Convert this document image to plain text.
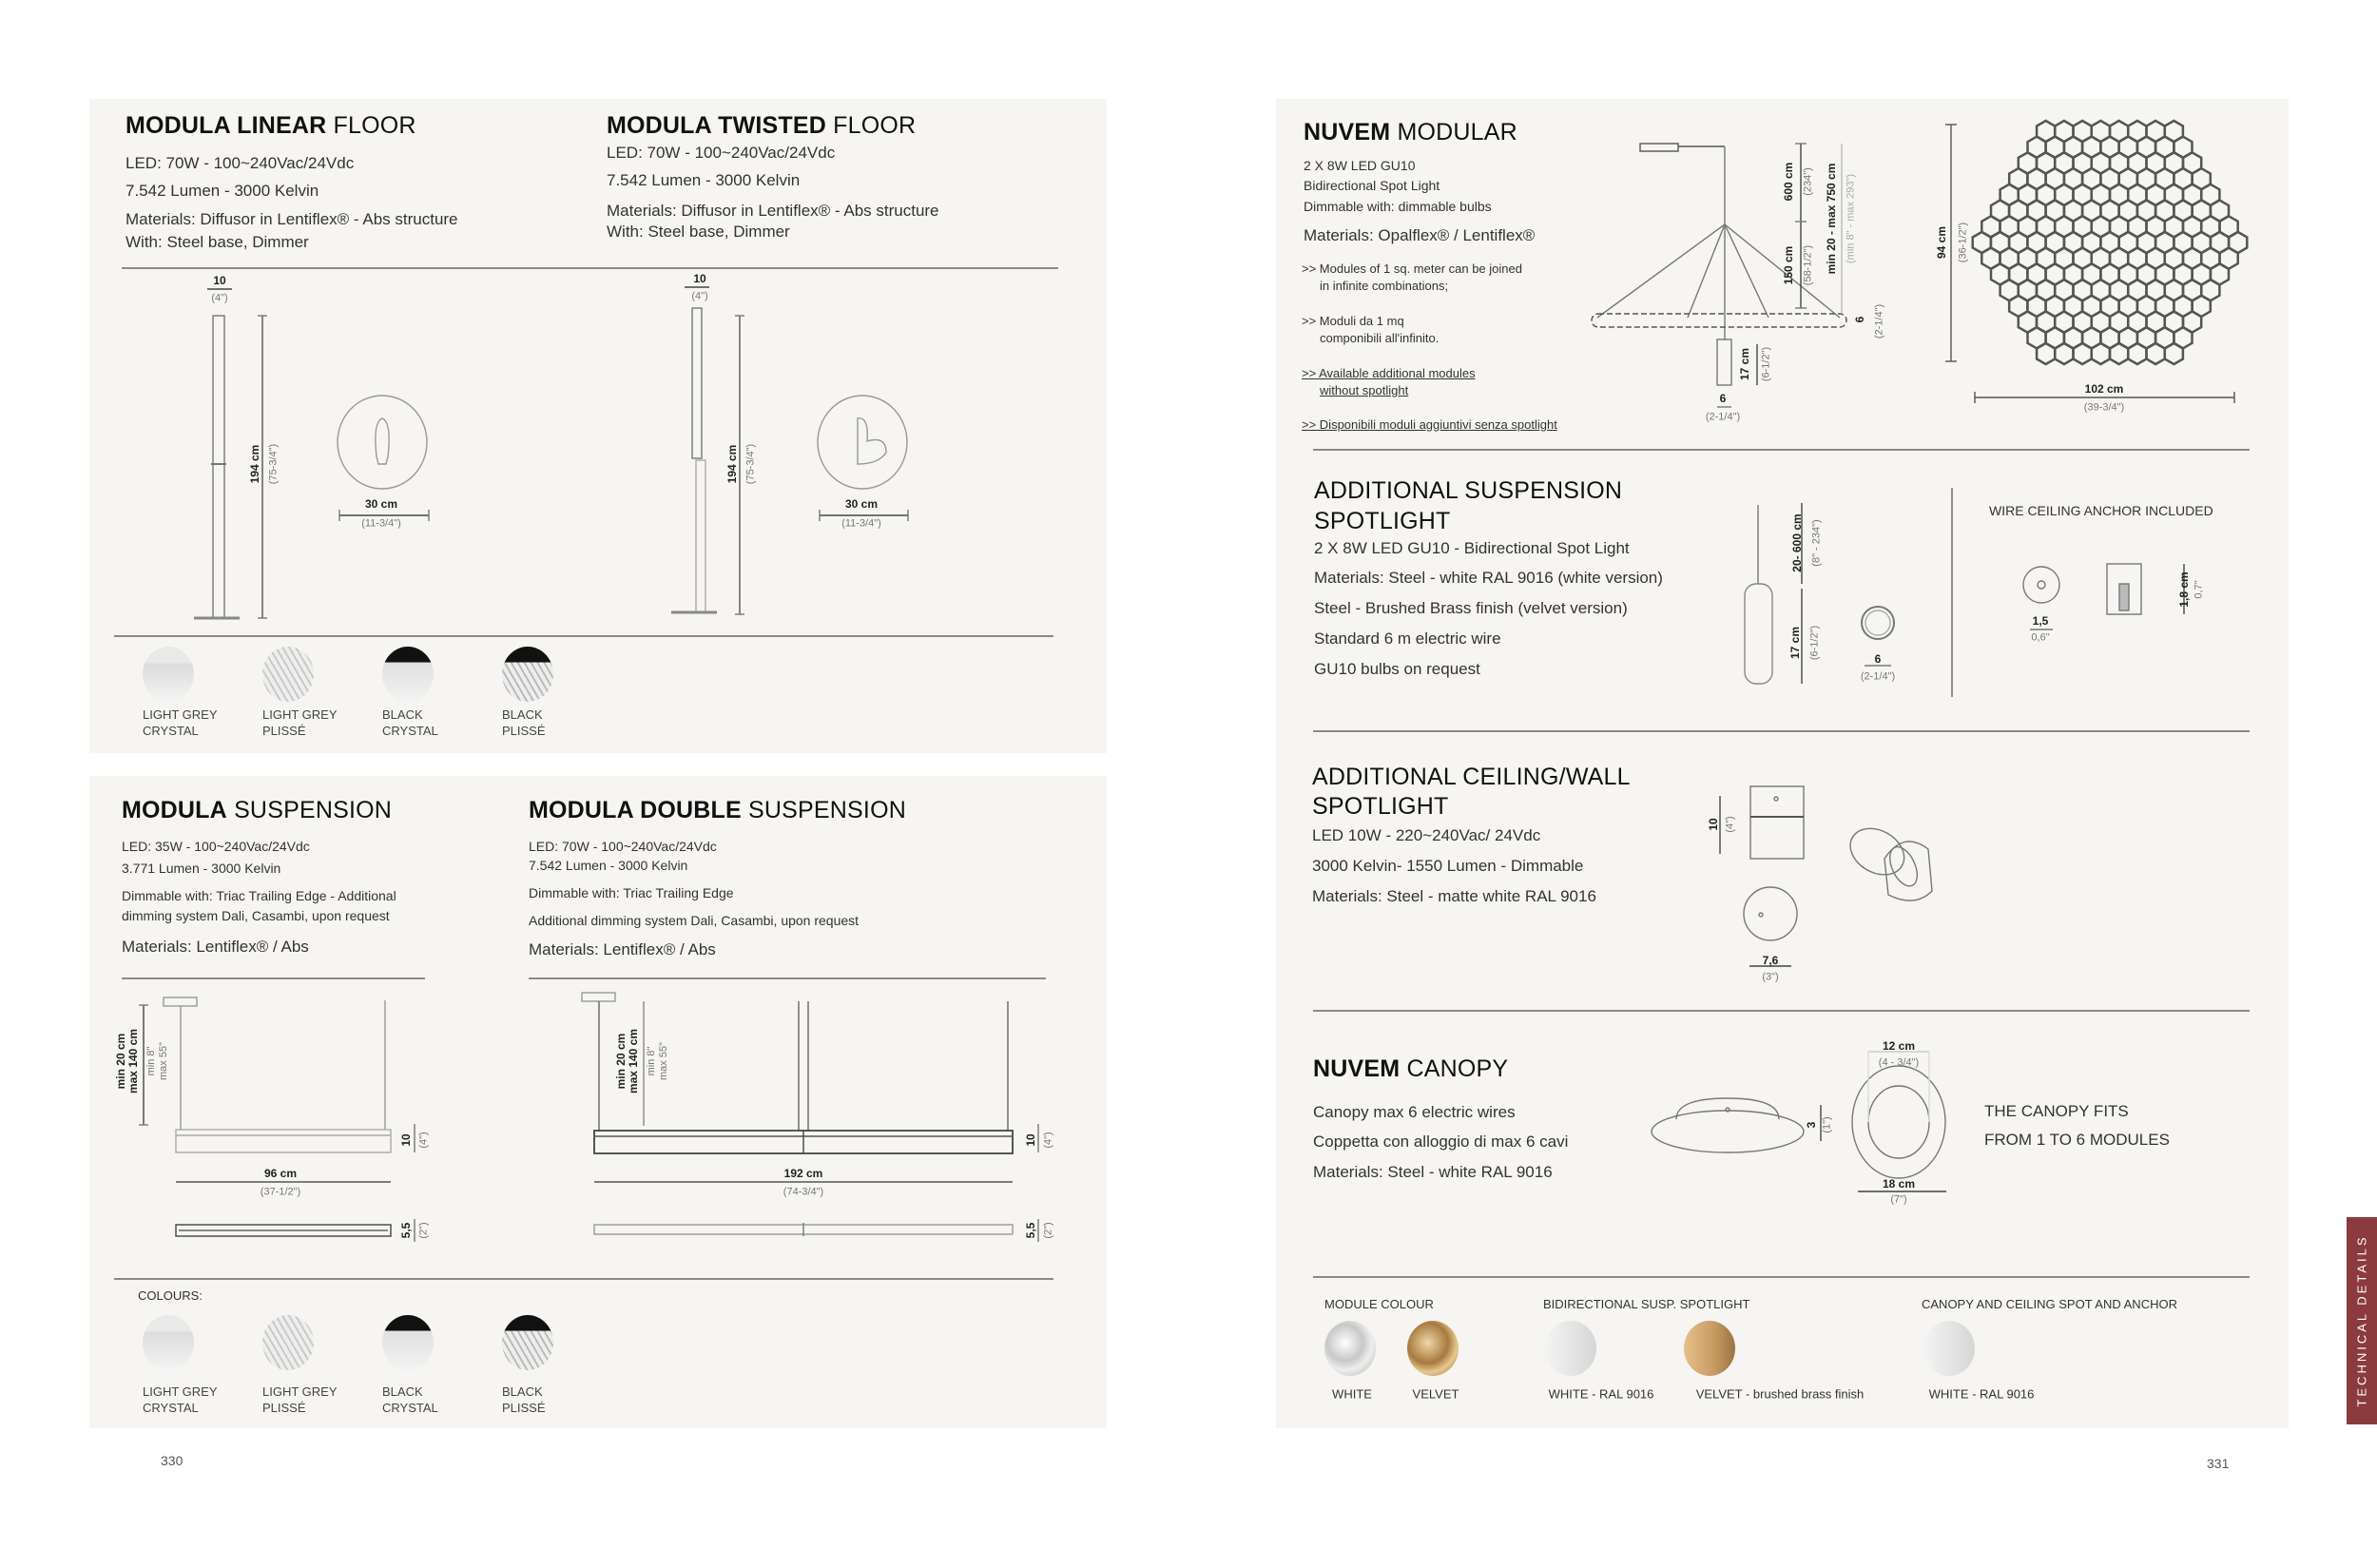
MODULA LINEAR FLOOR
LED: 70W - 100~240Vac/24Vdc
7.542 Lumen - 3000 Kelvin
Materials: Diffusor in Lentiflex® - Abs structure
With: Steel base, Dimmer
10
(4")
194 cm (75-3/4")
30 cm
(11-3/4")
MODULA TWISTED FLOOR
LED: 70W - 100~240Vac/24Vdc
7.542 Lumen - 3000 Kelvin
Materials: Diffusor in Lentiflex® - Abs structure
With: Steel base, Dimmer
10
(4")
194 cm (75-3/4")
30 cm
(11-3/4")
LIGHT GREY
CRYSTAL
LIGHT GREY
PLISSÉ
BLACK
CRYSTAL
BLACK
PLISSÉ
MODULA SUSPENSION
LED: 35W - 100~240Vac/24Vdc
3.771 Lumen - 3000 Kelvin
Dimmable with: Triac Trailing Edge - Additional
dimming system Dali, Casambi, upon request
Materials: Lentiflex® / Abs
min 20 cm max 140 cm min 8" max 55"
10 (4")
96 cm
(37-1/2")
5,5 (2")
MODULA DOUBLE SUSPENSION
LED: 70W - 100~240Vac/24Vdc
7.542 Lumen - 3000 Kelvin
Dimmable with: Triac Trailing Edge
Additional dimming system Dali, Casambi, upon request
Materials: Lentiflex® / Abs
min 20 cm max 140 cm min 8" max 55"
10 (4")
192 cm
(74-3/4")
5,5 (2")
COLOURS:
LIGHT GREY
CRYSTAL
LIGHT GREY
PLISSÉ
BLACK
CRYSTAL
BLACK
PLISSÉ
330
NUVEM MODULAR
2 X 8W LED GU10
Bidirectional Spot Light
Dimmable with: dimmable bulbs
Materials: Opalflex® / Lentiflex®
>> Modules of 1 sq. meter can be joined
in infinite combinations;
>> Moduli da 1 mq
componibili all'infinito.
>> Available additional modules
without spotlight
>> Disponibili moduli aggiuntivi senza spotlight
600 cm (234")
150 cm (58-1/2") min 20 - max 750 cm (min 8" - max 293")
6 (2-1/4")
17 cm (6-1/2")
6
(2-1/4")
94 cm (36-1/2")
102 cm
(39-3/4")
ADDITIONAL SUSPENSION
SPOTLIGHT
2 X 8W LED GU10 - Bidirectional Spot Light
Materials: Steel - white RAL 9016 (white version)
Steel - Brushed Brass finish (velvet version)
Standard 6 m electric wire
GU10 bulbs on request
20- 600 cm (8" - 234")
17 cm (6-1/2")	6
(2-1/4")
WIRE CEILING ANCHOR INCLUDED
1,5
0,6"
1,8 cm 0,7"
ADDITIONAL CEILING/WALL
SPOTLIGHT
LED 10W - 220~240Vac/ 24Vdc
3000 Kelvin- 1550 Lumen - Dimmable
Materials: Steel - matte white RAL 9016
10 (4")
7,6
(3")
NUVEM CANOPY
Canopy max 6 electric wires
Coppetta con alloggio di max 6 cavi
Materials: Steel - white RAL 9016
THE CANOPY FITS
FROM 1 TO 6 MODULES
3 (1")
12 cm
(4 - 3/4")
18 cm
(7")
MODULE COLOUR	BIDIRECTIONAL SUSP. SPOTLIGHT	CANOPY AND CEILING SPOT AND ANCHOR
WHITE	VELVET	WHITE - RAL 9016	VELVET - brushed brass finish	WHITE - RAL 9016
331
TECHNICAL DETAILS
